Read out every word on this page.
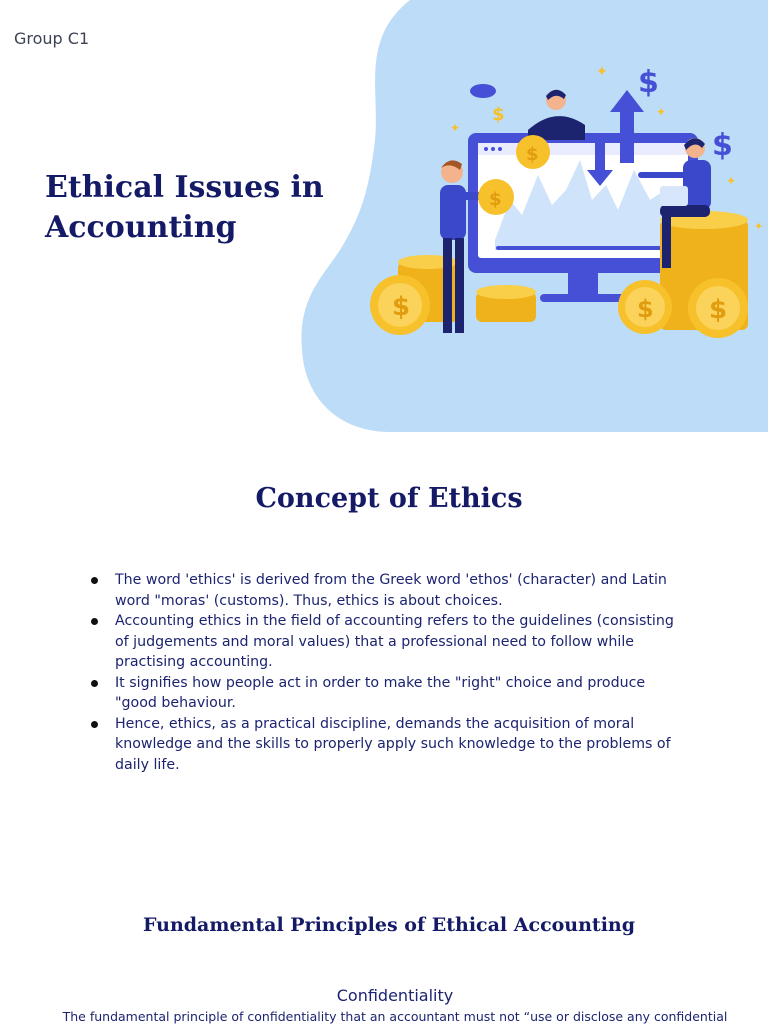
Group C1
$
$
$
✦
✦
✦
✦
✦
$	$ $
$
$
Ethical Issues in
Accounting
Concept of Ethics
The word 'ethics' is derived from the Greek word 'ethos' (character) and Latin word "moras' (customs). Thus, ethics is about choices.
Accounting ethics in the field of accounting refers to the guidelines (consisting of judgements and moral values) that a professional need to follow while practising accounting.
It signifies how people act in order to make the "right" choice and produce "good behaviour.
Hence, ethics, as a practical discipline, demands the acquisition of moral knowledge and the skills to properly apply such knowledge to the problems of daily life.
Fundamental Principles of Ethical Accounting
Confidentiality
The fundamental principle of confidentiality that an accountant must not “use or disclose any confidential
